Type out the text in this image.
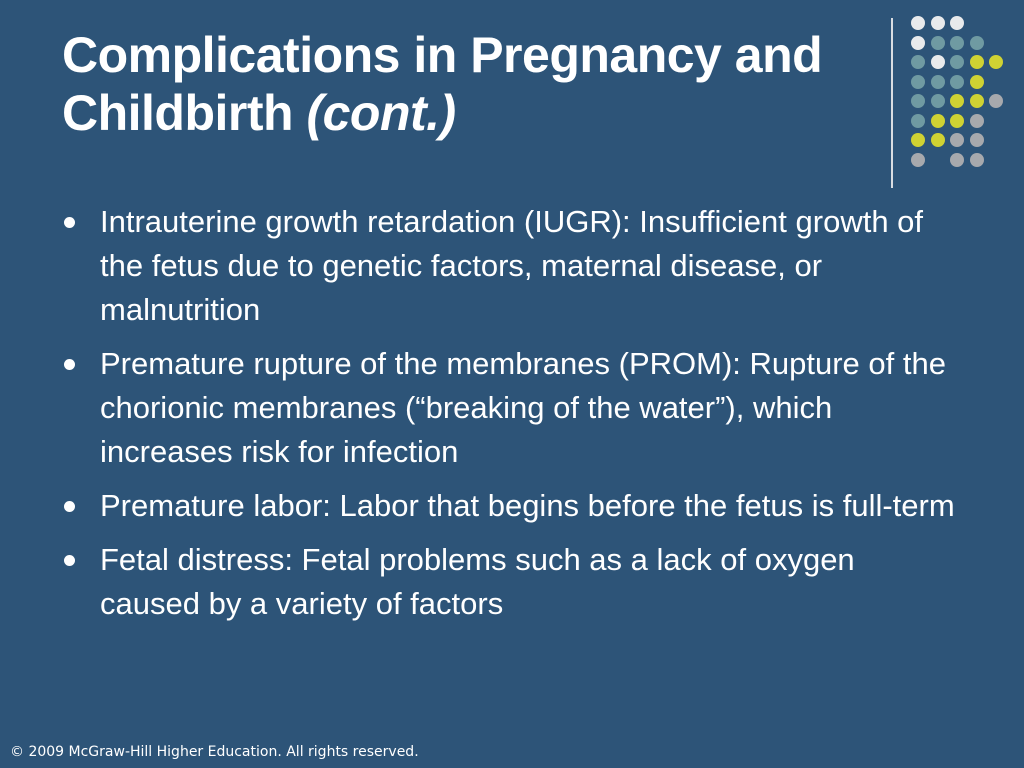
Complications in Pregnancy and Childbirth (cont.)
Intrauterine growth retardation (IUGR): Insufficient growth of the fetus due to genetic factors, maternal disease, or malnutrition
Premature rupture of the membranes (PROM): Rupture of the chorionic membranes (“breaking of the water”), which increases risk for infection
Premature labor: Labor that begins before the fetus is full-term
Fetal distress: Fetal problems such as a lack of oxygen caused by a variety of factors
© 2009 McGraw-Hill Higher Education. All rights reserved.
